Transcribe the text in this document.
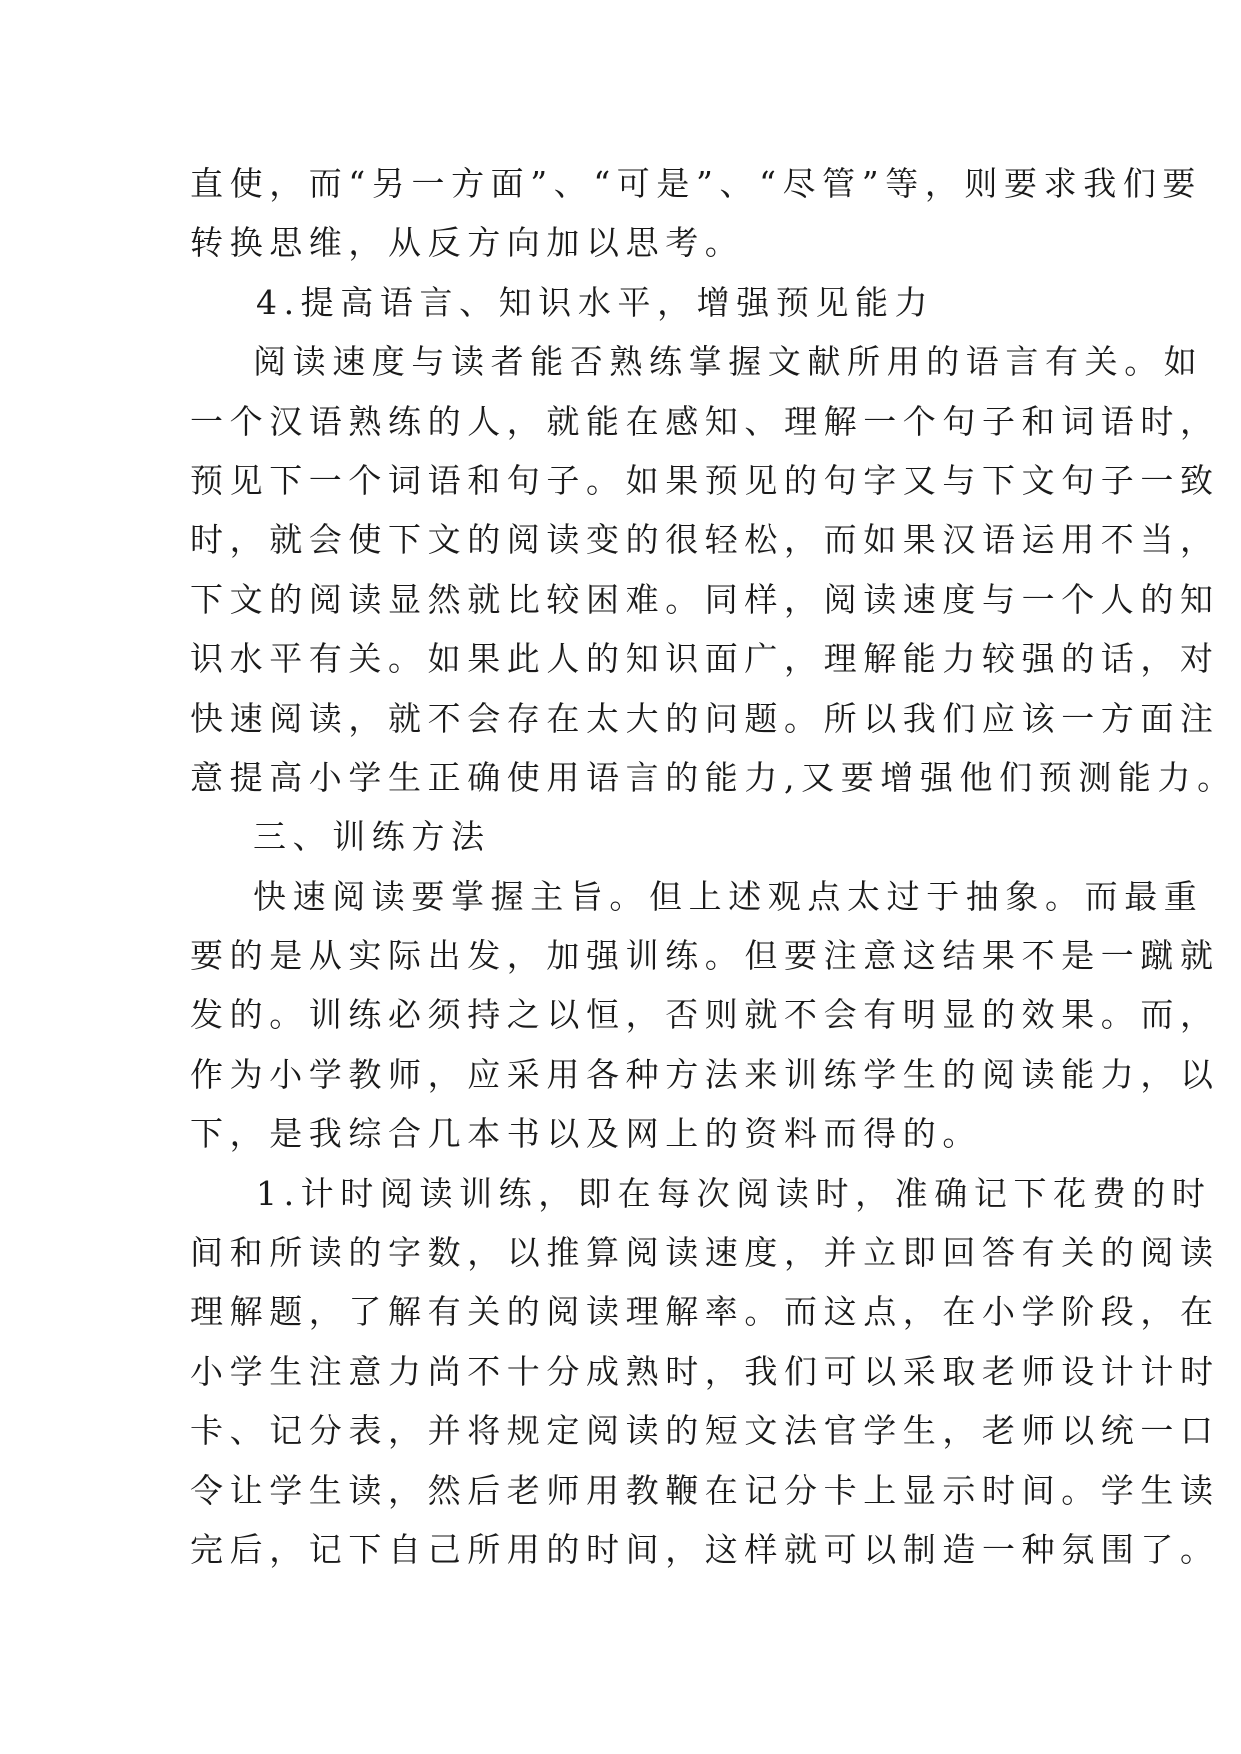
直使，而“另一方面”、“可是”、“尽管”等，则要求我们要
转换思维，从反方向加以思考。
4.提高语言、知识水平，增强预见能力
阅读速度与读者能否熟练掌握文献所用的语言有关。如
一个汉语熟练的人，就能在感知、理解一个句子和词语时，
预见下一个词语和句子。如果预见的句字又与下文句子一致
时，就会使下文的阅读变的很轻松，而如果汉语运用不当，
下文的阅读显然就比较困难。同样，阅读速度与一个人的知
识水平有关。如果此人的知识面广，理解能力较强的话，对
快速阅读，就不会存在太大的问题。所以我们应该一方面注
意提高小学生正确使用语言的能力,又要增强他们预测能力。
三、训练方法
快速阅读要掌握主旨。但上述观点太过于抽象。而最重
要的是从实际出发，加强训练。但要注意这结果不是一蹴就
发的。训练必须持之以恒，否则就不会有明显的效果。而，
作为小学教师，应采用各种方法来训练学生的阅读能力，以
下，是我综合几本书以及网上的资料而得的。
1.计时阅读训练，即在每次阅读时，准确记下花费的时
间和所读的字数，以推算阅读速度，并立即回答有关的阅读
理解题，了解有关的阅读理解率。而这点，在小学阶段，在
小学生注意力尚不十分成熟时，我们可以采取老师设计计时
卡、记分表，并将规定阅读的短文法官学生，老师以统一口
令让学生读，然后老师用教鞭在记分卡上显示时间。学生读
完后，记下自己所用的时间，这样就可以制造一种氛围了。
